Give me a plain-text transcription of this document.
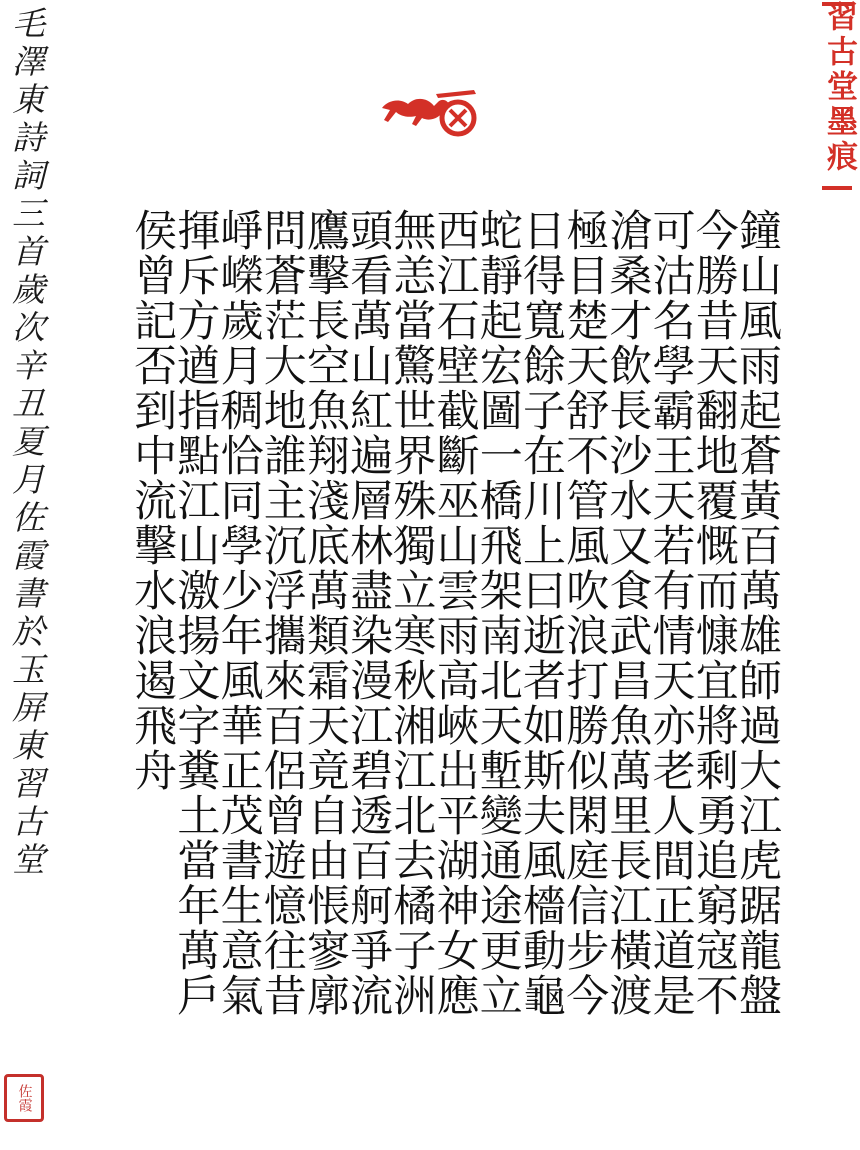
習古堂墨痕
毛澤東詩詞三首歲次辛丑夏月佐霞書於玉屏東習古堂
佐霞
鐘山風雨起蒼黃百萬雄師過大江虎踞龍盤今勝昔天翻地覆慨而慷宜將剩勇追窮寇不可沽名學霸王天若有情天亦老人間正道是滄桑才飲長沙水又食武昌魚萬里長江橫渡極目楚天舒不管風吹浪打勝似閑庭信步今日得寬餘子在川上曰逝者如斯夫風檣動龜蛇靜起宏圖一橋飛架南北天塹變通途更立西江石壁截斷巫山雲雨高峽出平湖神女應無恙當驚世界殊獨立寒秋湘江北去橘子洲頭看萬山紅遍層林盡染漫江碧透百舸爭流鷹擊長空魚翔淺底萬類霜天竟自由悵寥廓問蒼茫大地誰主沉浮攜來百侶曾遊憶往昔崢嶸歲月稠恰同學少年風華正茂書生意氣揮斥方遒指點江山激揚文字糞土當年萬戶侯曾記否到中流擊水浪遏飛舟
